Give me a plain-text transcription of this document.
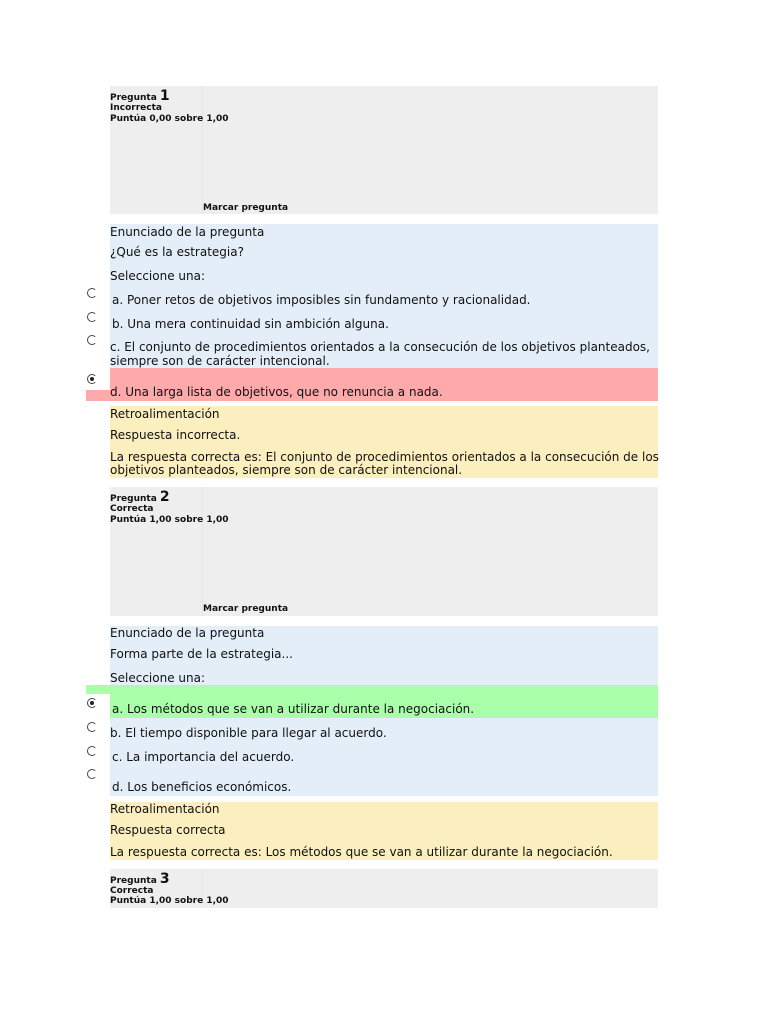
Pregunta 1
Incorrecta
Puntúa 0,00 sobre 1,00
Marcar pregunta
Enunciado de la pregunta
¿Qué es la estrategia?
Seleccione una:
a. Poner retos de objetivos imposibles sin fundamento y racionalidad.
b. Una mera continuidad sin ambición alguna.
c. El conjunto de procedimientos orientados a la consecución de los objetivos planteados,
siempre son de carácter intencional.
d. Una larga lista de objetivos, que no renuncia a nada.
Retroalimentación
Respuesta incorrecta.
La respuesta correcta es: El conjunto de procedimientos orientados a la consecución de los
objetivos planteados, siempre son de carácter intencional.
Pregunta 2
Correcta
Puntúa 1,00 sobre 1,00
Marcar pregunta
Enunciado de la pregunta
Forma parte de la estrategia...
Seleccione una:
a. Los métodos que se van a utilizar durante la negociación.
b. El tiempo disponible para llegar al acuerdo.
c. La importancia del acuerdo.
d. Los beneficios económicos.
Retroalimentación
Respuesta correcta
La respuesta correcta es: Los métodos que se van a utilizar durante la negociación.
Pregunta 3
Correcta
Puntúa 1,00 sobre 1,00
